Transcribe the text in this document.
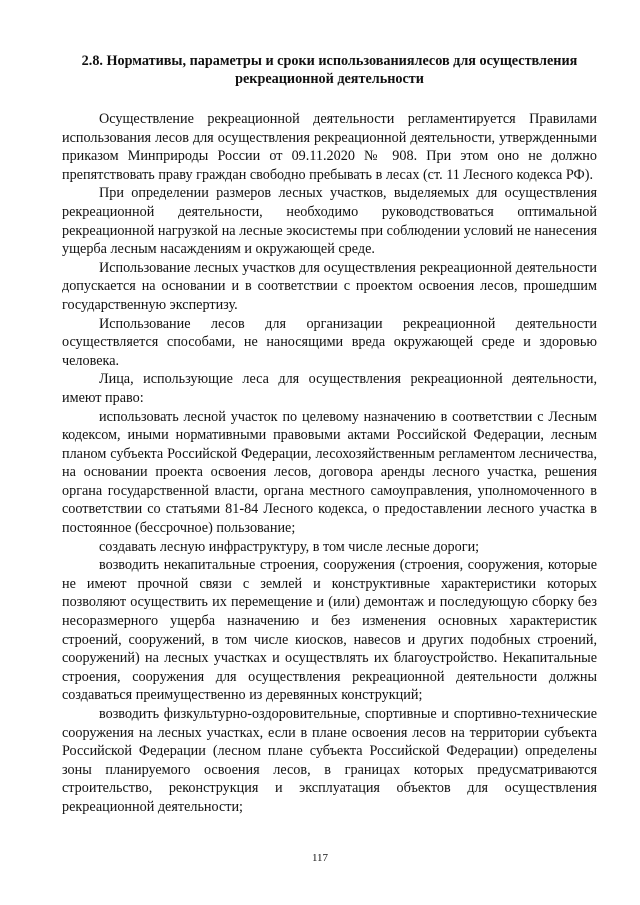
2.8. Нормативы, параметры и сроки использованиялесов для осуществления рекреационной деятельности

Осуществление рекреационной деятельности регламентируется Правилами использования лесов для осуществления рекреационной деятельности, утвержденными приказом Минприроды России от 09.11.2020 № 908. При этом оно не должно препятствовать праву граждан свободно пребывать в лесах (ст. 11 Лесного кодекса РФ).

При определении размеров лесных участков, выделяемых для осуществления рекреационной деятельности, необходимо руководствоваться оптимальной рекреационной нагрузкой на лесные экосистемы при соблюдении условий не нанесения ущерба лесным насаждениям и окружающей среде.

Использование лесных участков для осуществления рекреационной деятельности допускается на основании и в соответствии с проектом освоения лесов, прошедшим государственную экспертизу.

Использование лесов для организации рекреационной деятельности осуществляется способами, не наносящими вреда окружающей среде и здоровью человека.

Лица, использующие леса для осуществления рекреационной деятельности, имеют право:

использовать лесной участок по целевому назначению в соответствии с Лесным кодексом, иными нормативными правовыми актами Российской Федерации, лесным планом субъекта Российской Федерации, лесохозяйственным регламентом лесничества, на основании проекта освоения лесов, договора аренды лесного участка, решения органа государственной власти, органа местного самоуправления, уполномоченного в соответствии со статьями 81-84 Лесного кодекса, о предоставлении лесного участка в постоянное (бессрочное) пользование;

создавать лесную инфраструктуру, в том числе лесные дороги;

возводить некапитальные строения, сооружения (строения, сооружения, которые не имеют прочной связи с землей и конструктивные характеристики которых позволяют осуществить их перемещение и (или) демонтаж и последующую сборку без несоразмерного ущерба назначению и без изменения основных характеристик строений, сооружений, в том числе киосков, навесов и других подобных строений, сооружений) на лесных участках и осуществлять их благоустройство. Некапитальные строения, сооружения для осуществления рекреационной деятельности должны создаваться преимущественно из деревянных конструкций;

возводить физкультурно-оздоровительные, спортивные и спортивно-технические сооружения на лесных участках, если в плане освоения лесов на территории субъекта Российской Федерации (лесном плане субъекта Российской Федерации) определены зоны планируемого освоения лесов, в границах которых предусматриваются строительство, реконструкция и эксплуатация объектов для осуществления рекреационной деятельности;

117
